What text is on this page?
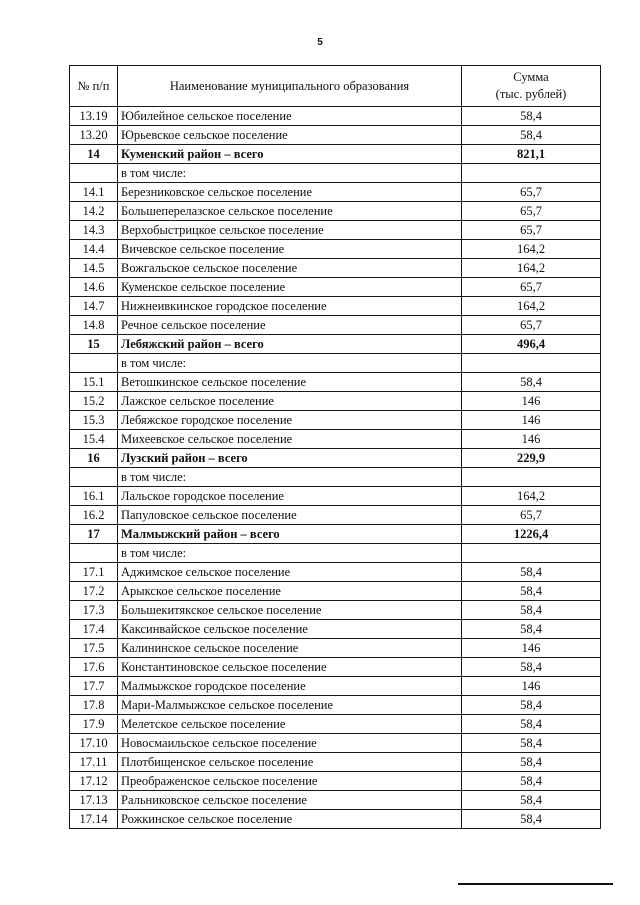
5
№ п/п	Наименование муниципального образования	Сумма
(тыс. рублей)
13.19	Юбилейное сельское поселение	58,4
13.20	Юрьевское сельское поселение	58,4
14	Куменский район – всего	821,1
	в том числе:	
14.1	Березниковское сельское поселение	65,7
14.2	Большеперелазское сельское поселение	65,7
14.3	Верхобыстрицкое сельское поселение	65,7
14.4	Вичевское сельское поселение	164,2
14.5	Вожгальское сельское поселение	164,2
14.6	Куменское сельское поселение	65,7
14.7	Нижнеивкинское городское поселение	164,2
14.8	Речное сельское поселение	65,7
15	Лебяжский район – всего	496,4
	в том числе:	
15.1	Ветошкинское сельское поселение	58,4
15.2	Лажское сельское поселение	146
15.3	Лебяжское городское поселение	146
15.4	Михеевское сельское поселение	146
16	Лузский район – всего	229,9
	в том числе:	
16.1	Лальское городское поселение	164,2
16.2	Папуловское сельское поселение	65,7
17	Малмыжский район – всего	1226,4
	в том числе:	
17.1	Аджимское сельское поселение	58,4
17.2	Арыкское сельское поселение	58,4
17.3	Большекитякское сельское поселение	58,4
17.4	Каксинвайское сельское поселение	58,4
17.5	Калининское сельское поселение	146
17.6	Константиновское сельское поселение	58,4
17.7	Малмыжское городское поселение	146
17.8	Мари-Малмыжское сельское поселение	58,4
17.9	Мелетское сельское поселение	58,4
17.10	Новосмаильское сельское поселение	58,4
17.11	Плотбищенское сельское поселение	58,4
17.12	Преображенское сельское поселение	58,4
17.13	Ральниковское сельское поселение	58,4
17.14	Рожкинское сельское поселение	58,4
